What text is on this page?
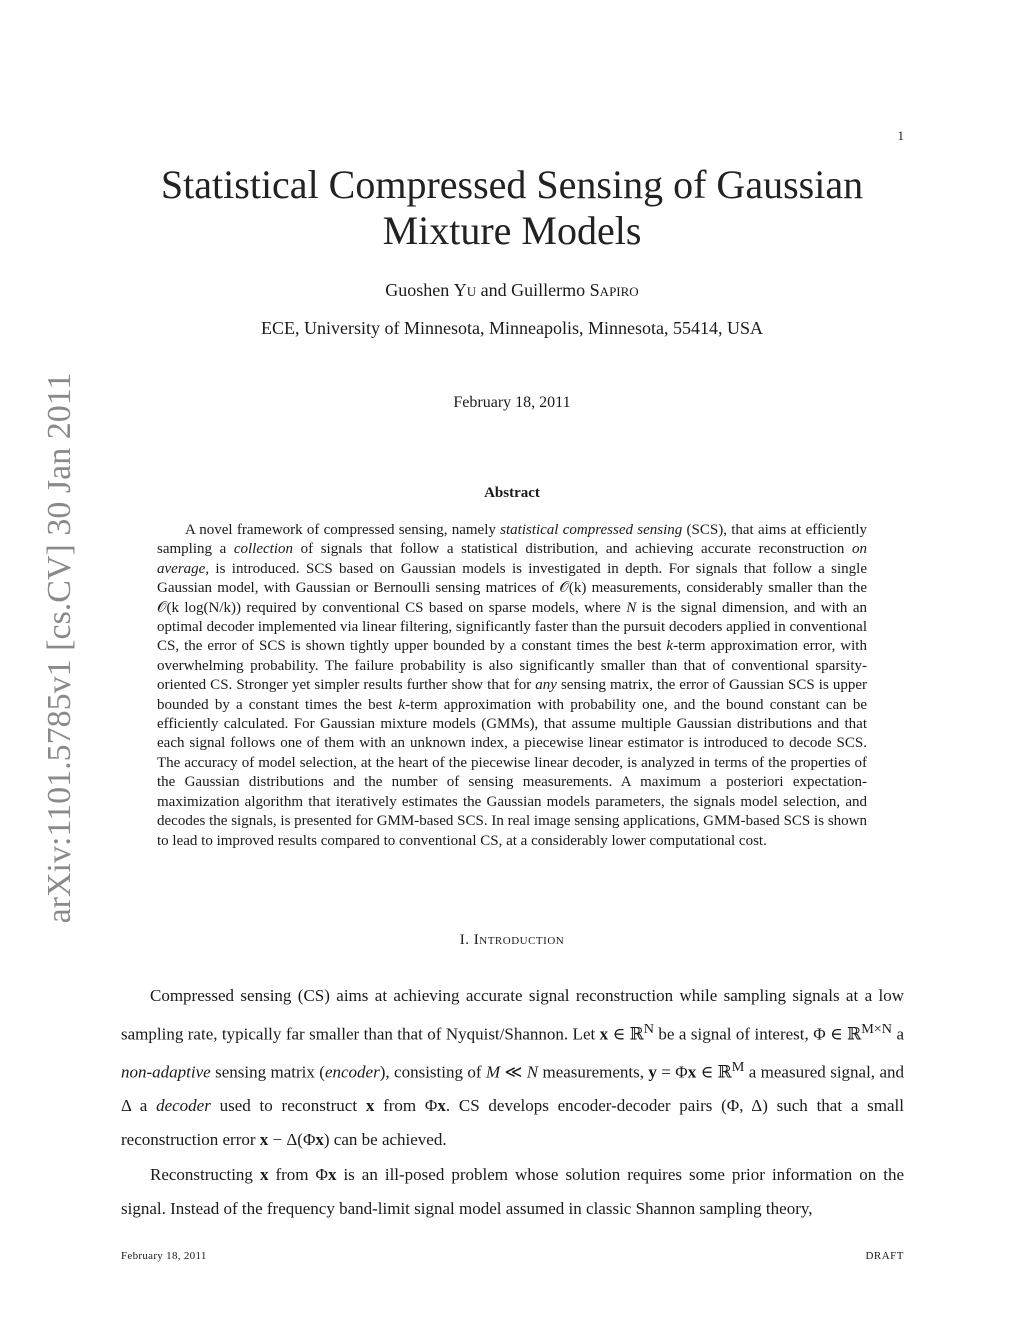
1
Statistical Compressed Sensing of Gaussian
Mixture Models
Guoshen Yu and Guillermo Sapiro
ECE, University of Minnesota, Minneapolis, Minnesota, 55414, USA
February 18, 2011
Abstract
A novel framework of compressed sensing, namely statistical compressed sensing (SCS), that aims at efficiently sampling a collection of signals that follow a statistical distribution, and achieving accurate reconstruction on average, is introduced. SCS based on Gaussian models is investigated in depth. For signals that follow a single Gaussian model, with Gaussian or Bernoulli sensing matrices of 𝒪(k) measurements, considerably smaller than the 𝒪(k log(N/k)) required by conventional CS based on sparse models, where N is the signal dimension, and with an optimal decoder implemented via linear filtering, significantly faster than the pursuit decoders applied in conventional CS, the error of SCS is shown tightly upper bounded by a constant times the best k-term approximation error, with overwhelming probability. The failure probability is also significantly smaller than that of conventional sparsity-oriented CS. Stronger yet simpler results further show that for any sensing matrix, the error of Gaussian SCS is upper bounded by a constant times the best k-term approximation with probability one, and the bound constant can be efficiently calculated. For Gaussian mixture models (GMMs), that assume multiple Gaussian distributions and that each signal follows one of them with an unknown index, a piecewise linear estimator is introduced to decode SCS. The accuracy of model selection, at the heart of the piecewise linear decoder, is analyzed in terms of the properties of the Gaussian distributions and the number of sensing measurements. A maximum a posteriori expectation-maximization algorithm that iteratively estimates the Gaussian models parameters, the signals model selection, and decodes the signals, is presented for GMM-based SCS. In real image sensing applications, GMM-based SCS is shown to lead to improved results compared to conventional CS, at a considerably lower computational cost.
I. Introduction
Compressed sensing (CS) aims at achieving accurate signal reconstruction while sampling signals at a low sampling rate, typically far smaller than that of Nyquist/Shannon. Let x ∈ ℝ$^N$ be a signal of interest, Φ ∈ ℝ$^{M\times N}$ a non-adaptive sensing matrix (encoder), consisting of M ≪ N measurements, y = Φx ∈ ℝ$^M$ a measured signal, and Δ a decoder used to reconstruct x from Φx. CS develops encoder-decoder pairs (Φ, Δ) such that a small reconstruction error x − Δ(Φx) can be achieved.
Reconstructing x from Φx is an ill-posed problem whose solution requires some prior information on the signal. Instead of the frequency band-limit signal model assumed in classic Shannon sampling theory,
February 18, 2011	DRAFT
arXiv:1101.5785v1 [cs.CV] 30 Jan 2011
